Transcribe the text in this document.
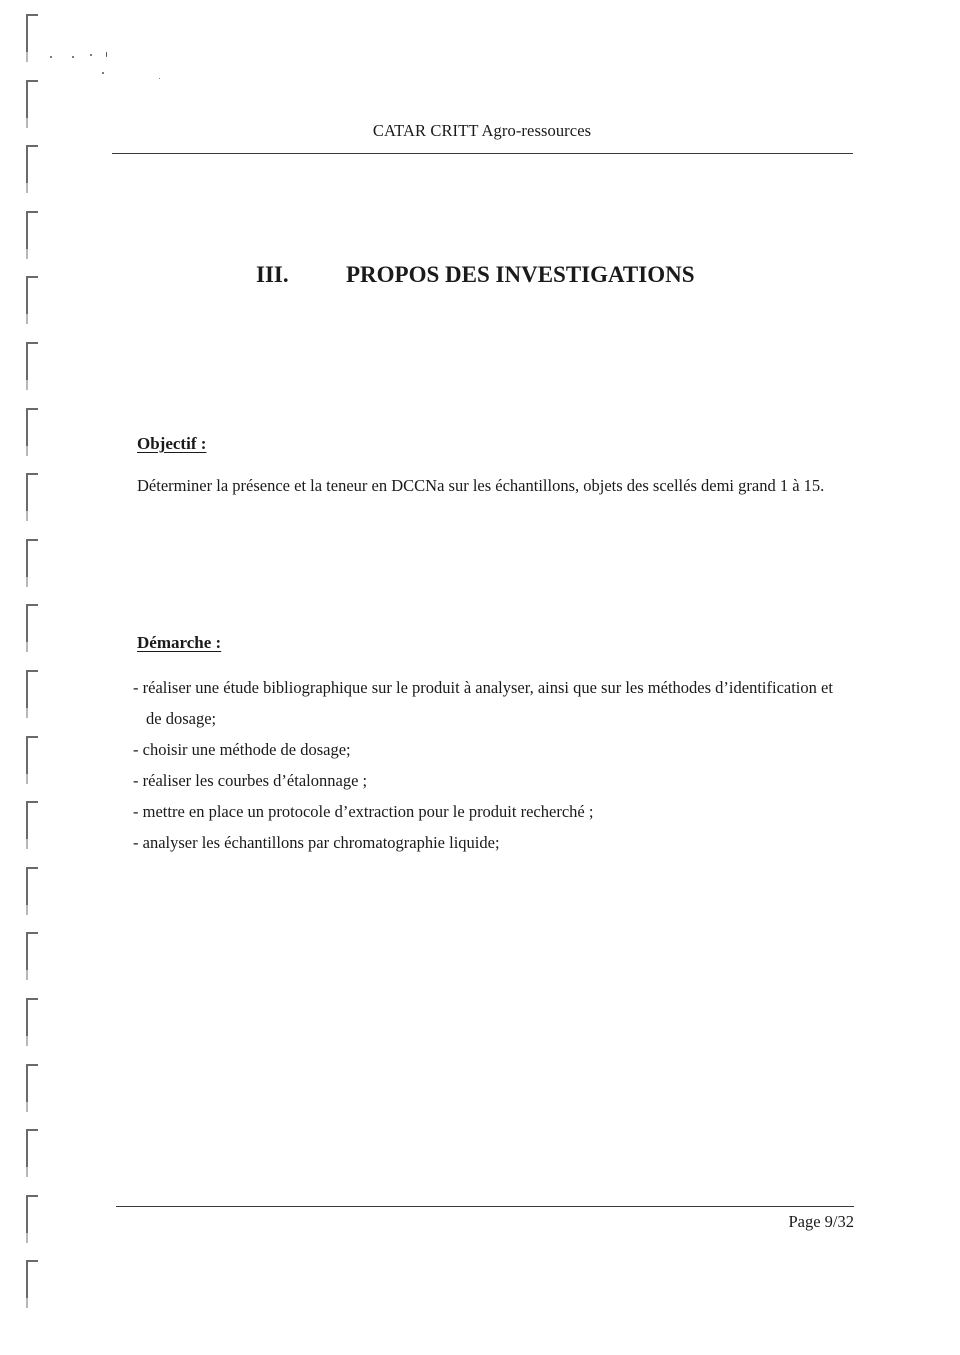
CATAR CRITT Agro-ressources
III. PROPOS DES INVESTIGATIONS
Objectif :

Déterminer la présence et la teneur en DCCNa sur les échantillons, objets des scellés demi grand 1 à 15.

Démarche :
- réaliser une étude bibliographique sur le produit à analyser, ainsi que sur les méthodes d’identification et de dosage;
- choisir une méthode de dosage;
- réaliser les courbes d’étalonnage ;
- mettre en place un protocole d’extraction pour le produit recherché ;
- analyser les échantillons par chromatographie liquide;
Page 9/32
